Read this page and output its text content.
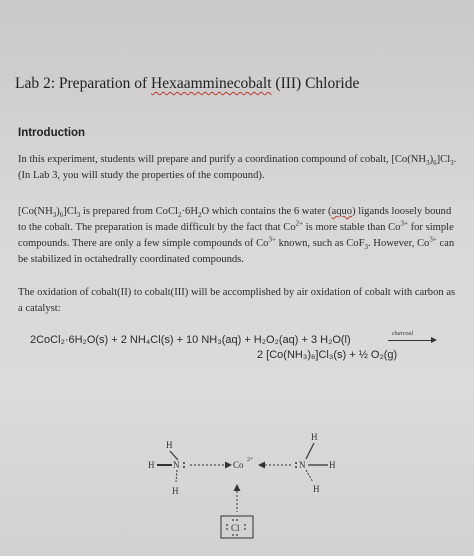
Lab 2: Preparation of Hexaamminecobalt (III) Chloride
Introduction
In this experiment, students will prepare and purify a coordination compound of cobalt, $[Co(NH_3)_6]Cl_3$. (In Lab 3, you will study the properties of the compound).
$[Co(NH_3)_6]Cl_3$ is prepared from $CoCl_2\cdot 6H_2O$ which contains the 6 water (aquo) ligands loosely bound to the cobalt. The preparation is made difficult by the fact that $Co^{2+}$ is more stable than $Co^{3+}$ for simple compounds. There are only a few simple compounds of $Co^{3+}$ known, such as CoF$_3$. However, $Co^{3+}$ can be stabilized in octahedrally coordinated compounds.
The oxidation of cobalt(II) to cobalt(III) will be accomplished by air oxidation of cobalt with carbon as a catalyst:
2CoCl₂·6H₂O(s) + 2 NH₄Cl(s) + 10 NH₃(aq) + H₂O₂(aq) + 3 H₂O(l)	charcoal
2 [Co(NH₃)₆]Cl₃(s) + ½ O₂(g)
H
H N
H
Co 2+	N
H
H
H
Cl
